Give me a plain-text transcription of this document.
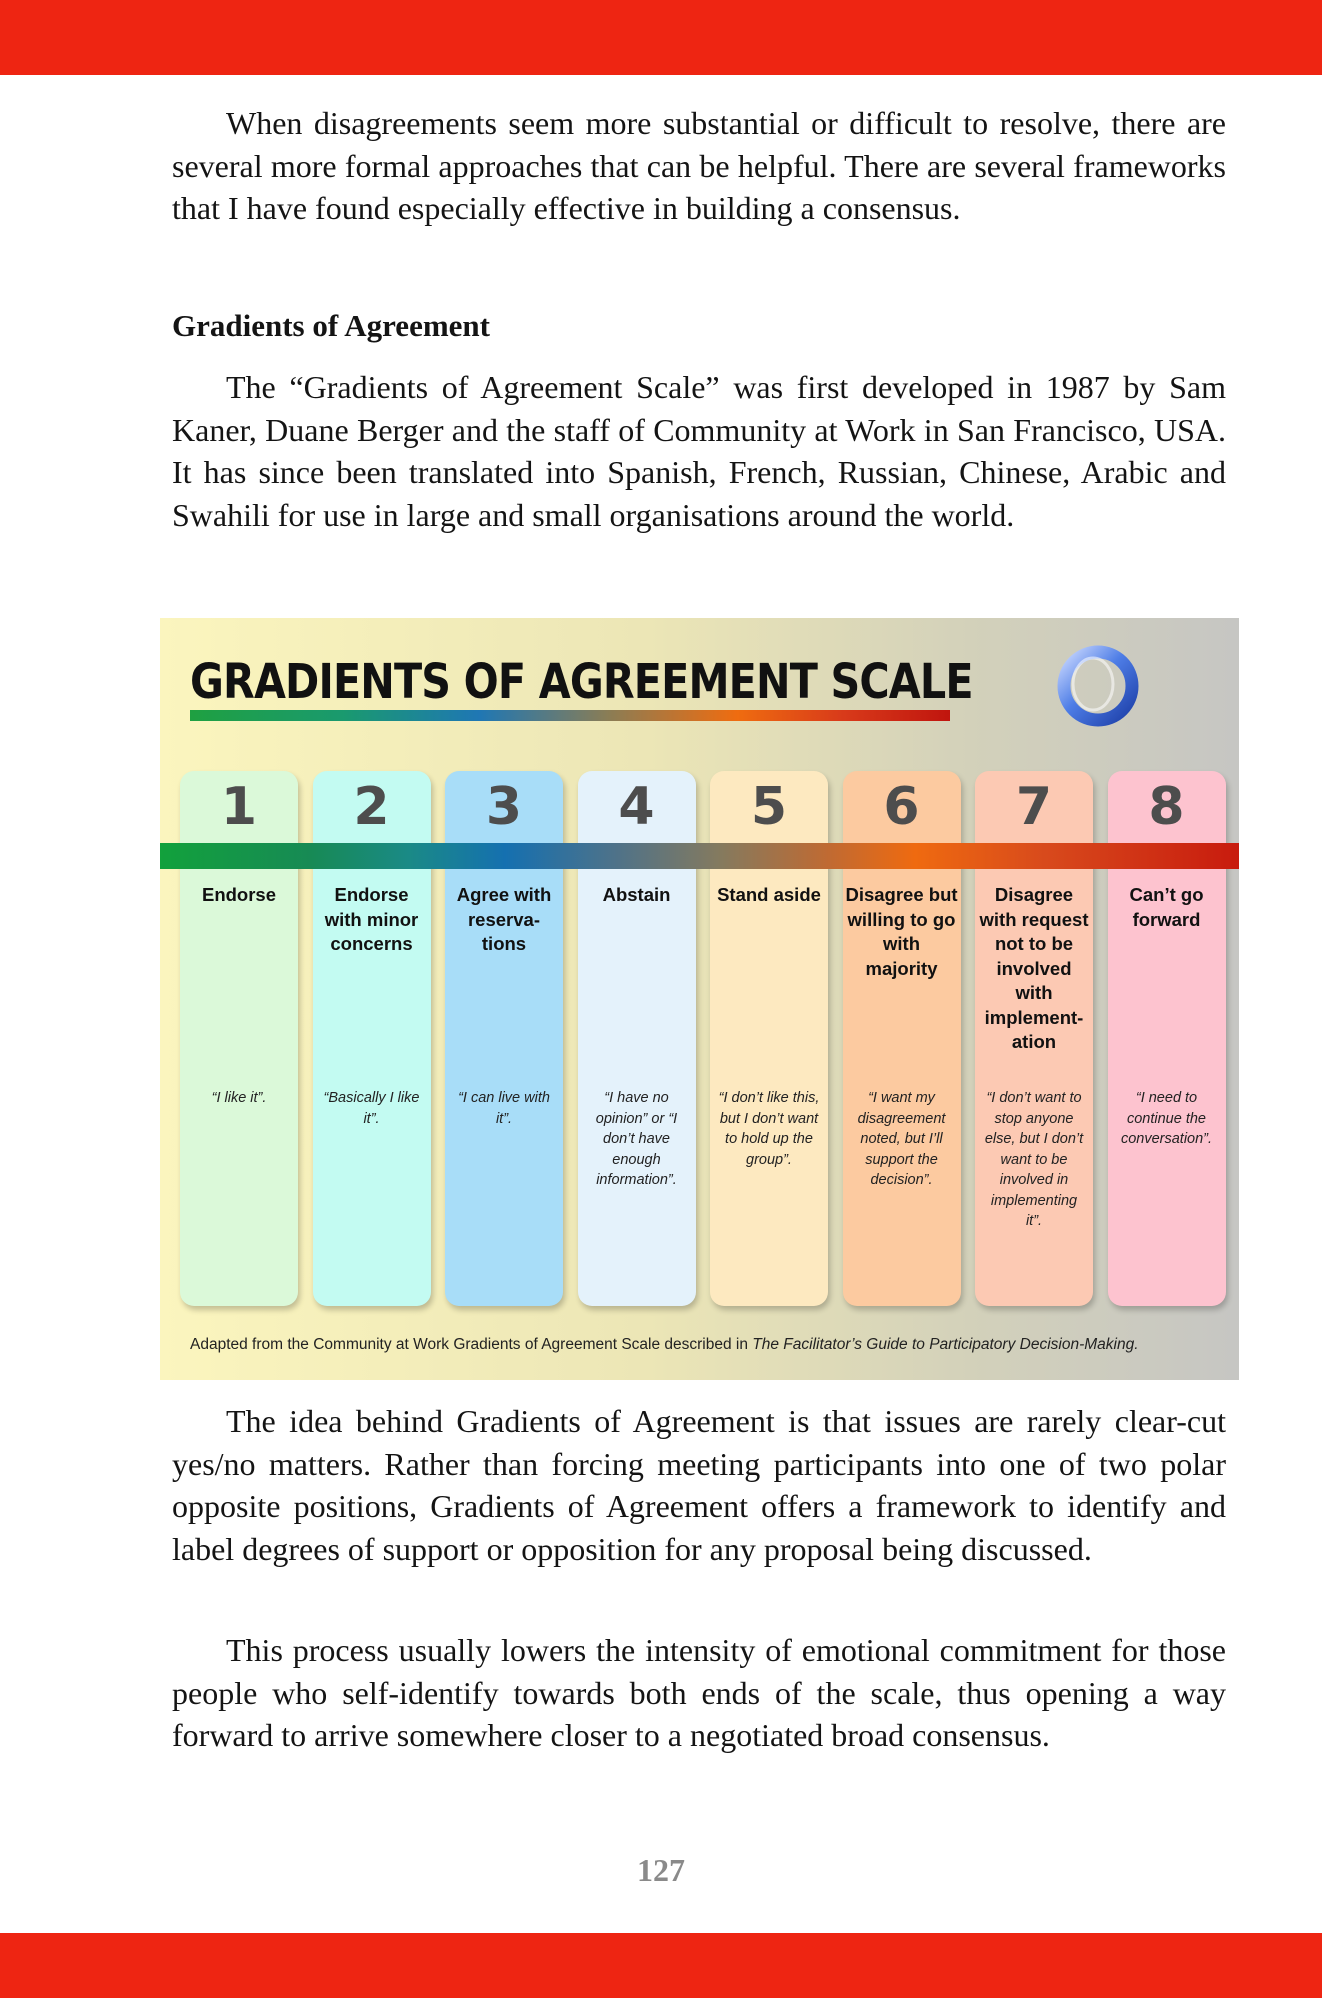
When disagreements seem more substantial or difficult to resolve, there are several more formal approaches that can be helpful. There are several frameworks that I have found especially effective in building a consensus.

Gradients of Agreement

The “Gradients of Agreement Scale” was first developed in 1987 by Sam Kaner, Duane Berger and the staff of Community at Work in San Francisco, USA. It has since been translated into Spanish, French, Russian, Chinese, Arabic and Swahili for use in large and small organisations around the world.

GRADIENTS OF AGREEMENT SCALE
1
Endorse
“I like it”.
2
Endorse with minor concerns
“Basically I like it”.
3
Agree with reserva-tions
“I can live with it”.
4
Abstain
“I have no opinion” or “I don’t have enough information”.
5
Stand aside
“I don’t like this, but I don’t want to hold up the group”.
6
Disagree but willing to go with majority
“I want my disagreement noted, but I’ll support the decision”.
7
Disagree with request not to be involved with implement-ation
“I don’t want to stop anyone else, but I don’t want to be involved in implementing it”.
8
Can’t go forward
“I need to continue the conversation”.
Adapted from the Community at Work Gradients of Agreement Scale described in The Facilitator’s Guide to Participatory Decision-Making.

The idea behind Gradients of Agreement is that issues are rarely clear-cut yes/no matters. Rather than forcing meeting participants into one of two polar opposite positions, Gradients of Agreement offers a framework to identify and label degrees of support or opposition for any proposal being discussed.

This process usually lowers the intensity of emotional commitment for those people who self-identify towards both ends of the scale, thus opening a way forward to arrive somewhere closer to a negotiated broad consensus.

127
